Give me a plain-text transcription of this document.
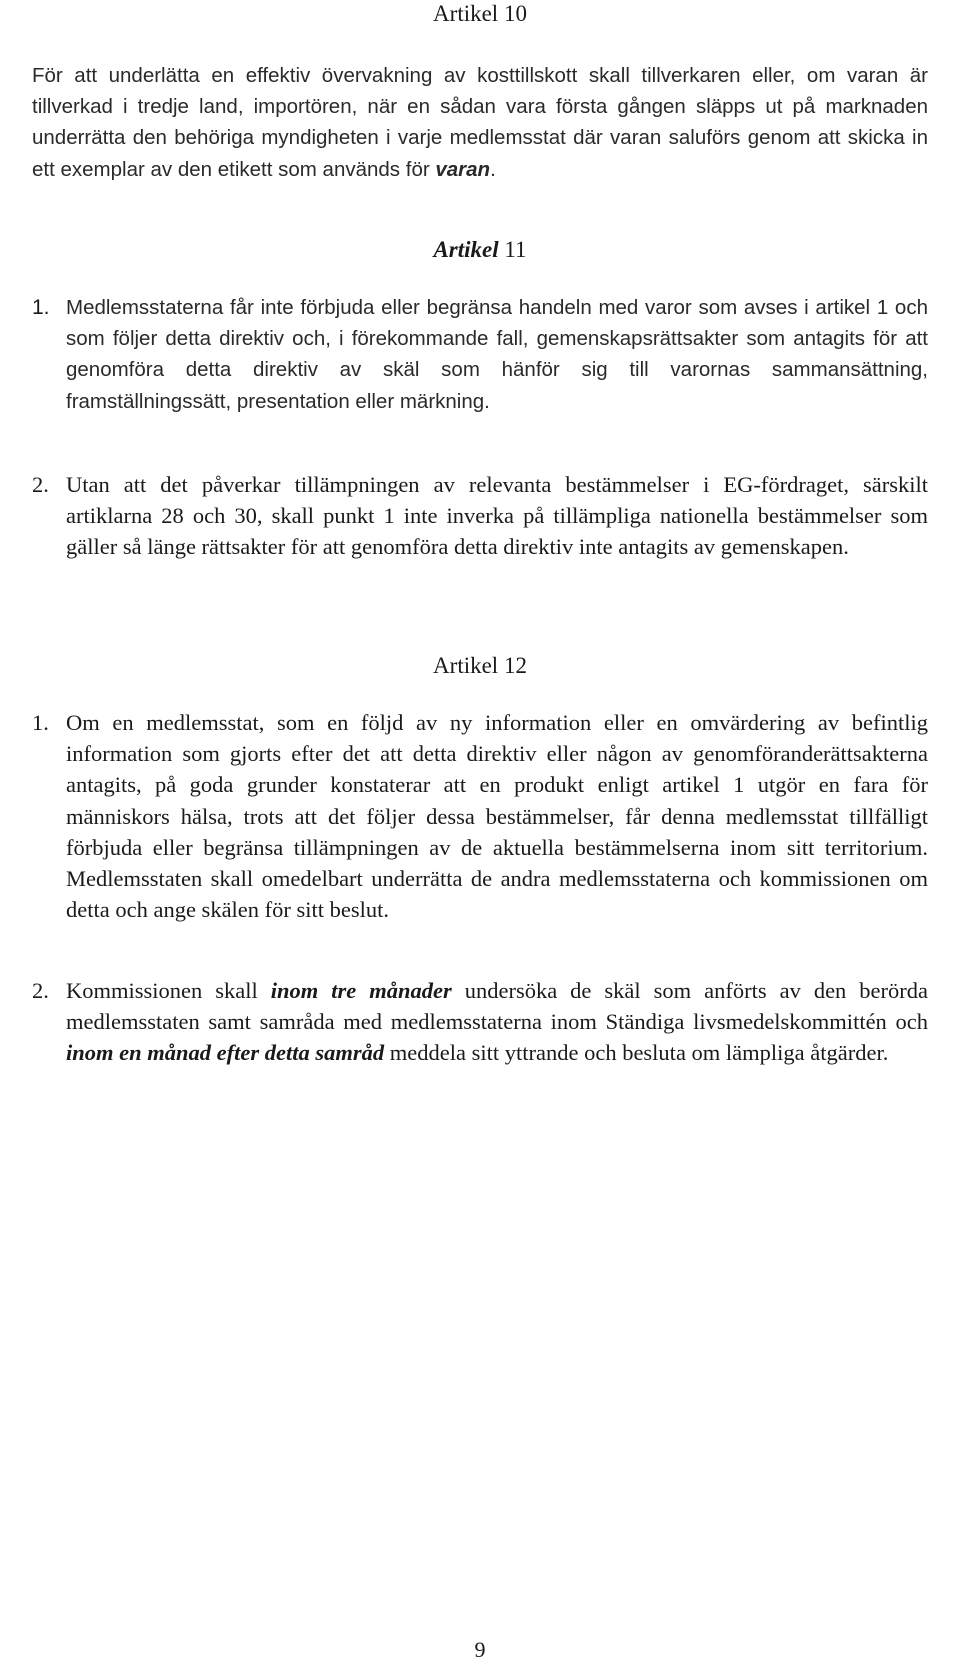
Artikel 10
För att underlätta en effektiv övervakning av kosttillskott skall tillverkaren eller, om varan är tillverkad i tredje land, importören, när en sådan vara första gången släpps ut på marknaden underrätta den behöriga myndigheten i varje medlemsstat där varan saluförs genom att skicka in ett exemplar av den etikett som används för varan.
Artikel 11
1. Medlemsstaterna får inte förbjuda eller begränsa handeln med varor som avses i artikel 1 och som följer detta direktiv och, i förekommande fall, gemenskapsrättsakter som antagits för att genomföra detta direktiv av skäl som hänför sig till varornas sammansättning, framställningssätt, presentation eller märkning.
2. Utan att det påverkar tillämpningen av relevanta bestämmelser i EG-fördraget, särskilt artiklarna 28 och 30, skall punkt 1 inte inverka på tillämpliga nationella bestämmelser som gäller så länge rättsakter för att genomföra detta direktiv inte antagits av gemenskapen.
Artikel 12
1. Om en medlemsstat, som en följd av ny information eller en omvärdering av befintlig information som gjorts efter det att detta direktiv eller någon av genomföranderättsakterna antagits, på goda grunder konstaterar att en produkt enligt artikel 1 utgör en fara för människors hälsa, trots att det följer dessa bestämmelser, får denna medlemsstat tillfälligt förbjuda eller begränsa tillämpningen av de aktuella bestämmelserna inom sitt territorium. Medlemsstaten skall omedelbart underrätta de andra medlemsstaterna och kommissionen om detta och ange skälen för sitt beslut.
2. Kommissionen skall inom tre månader undersöka de skäl som anförts av den berörda medlemsstaten samt samråda med medlemsstaterna inom Ständiga livsmedelskommittén och inom en månad efter detta samråd meddela sitt yttrande och besluta om lämpliga åtgärder.
9
